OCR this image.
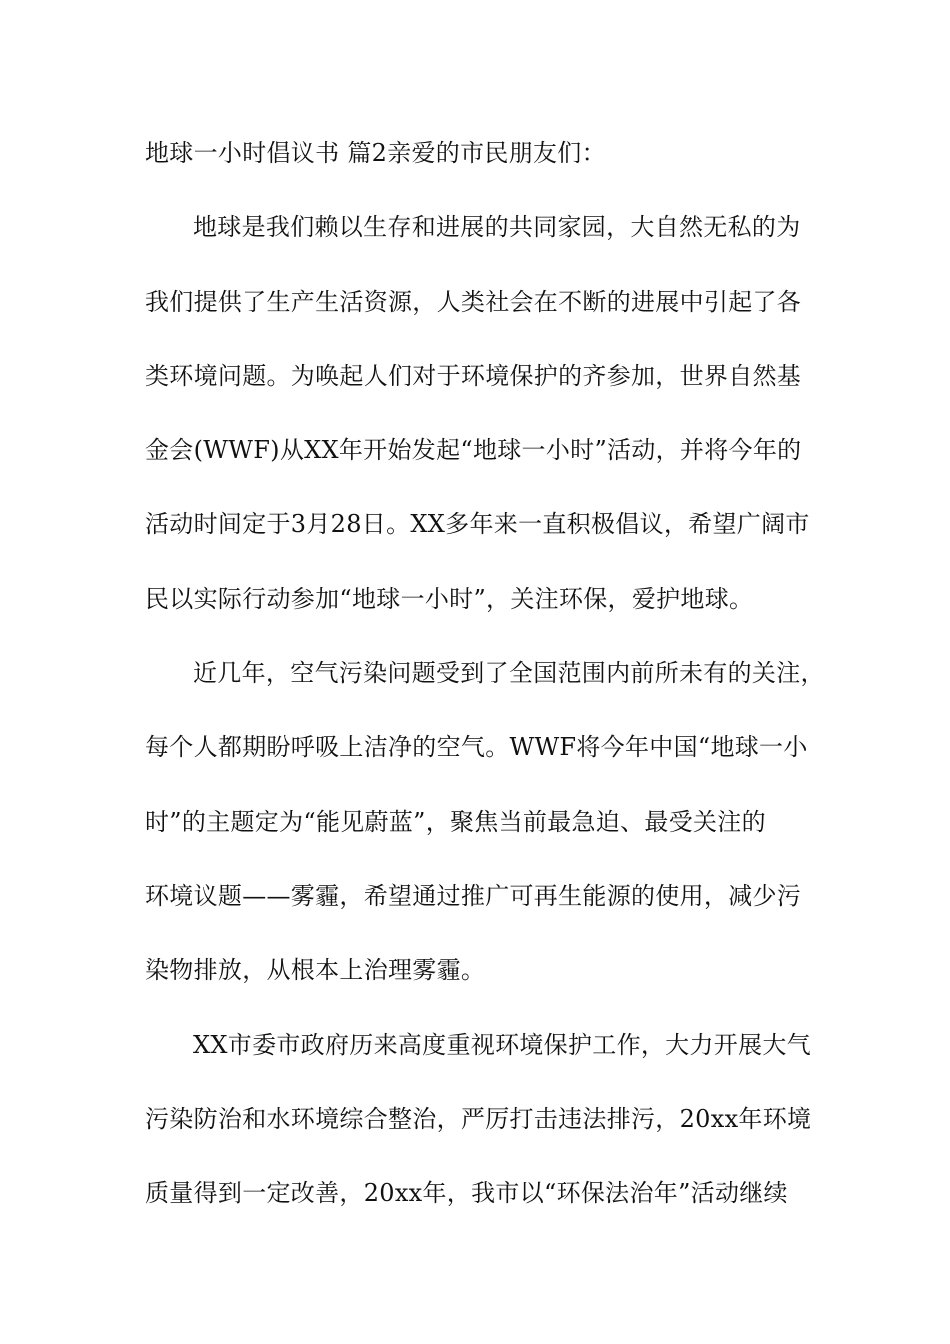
地球一小时倡议书 篇2亲爱的市民朋友们：
地球是我们赖以生存和进展的共同家园，大自然无私的为
我们提供了生产生活资源，人类社会在不断的进展中引起了各
类环境问题。为唤起人们对于环境保护的齐参加，世界自然基
金会(WWF)从XX年开始发起“地球一小时”活动，并将今年的
活动时间定于3月28日。XX多年来一直积极倡议，希望广阔市
民以实际行动参加“地球一小时”，关注环保，爱护地球。
近几年，空气污染问题受到了全国范围内前所未有的关注，
每个人都期盼呼吸上洁净的空气。WWF将今年中国“地球一小
时”的主题定为“能见蔚蓝”，聚焦当前最急迫、最受关注的
环境议题——雾霾，希望通过推广可再生能源的使用，减少污
染物排放，从根本上治理雾霾。
XX市委市政府历来高度重视环境保护工作，大力开展大气
污染防治和水环境综合整治，严厉打击违法排污，20xx年环境
质量得到一定改善，20xx年，我市以“环保法治年”活动继续
